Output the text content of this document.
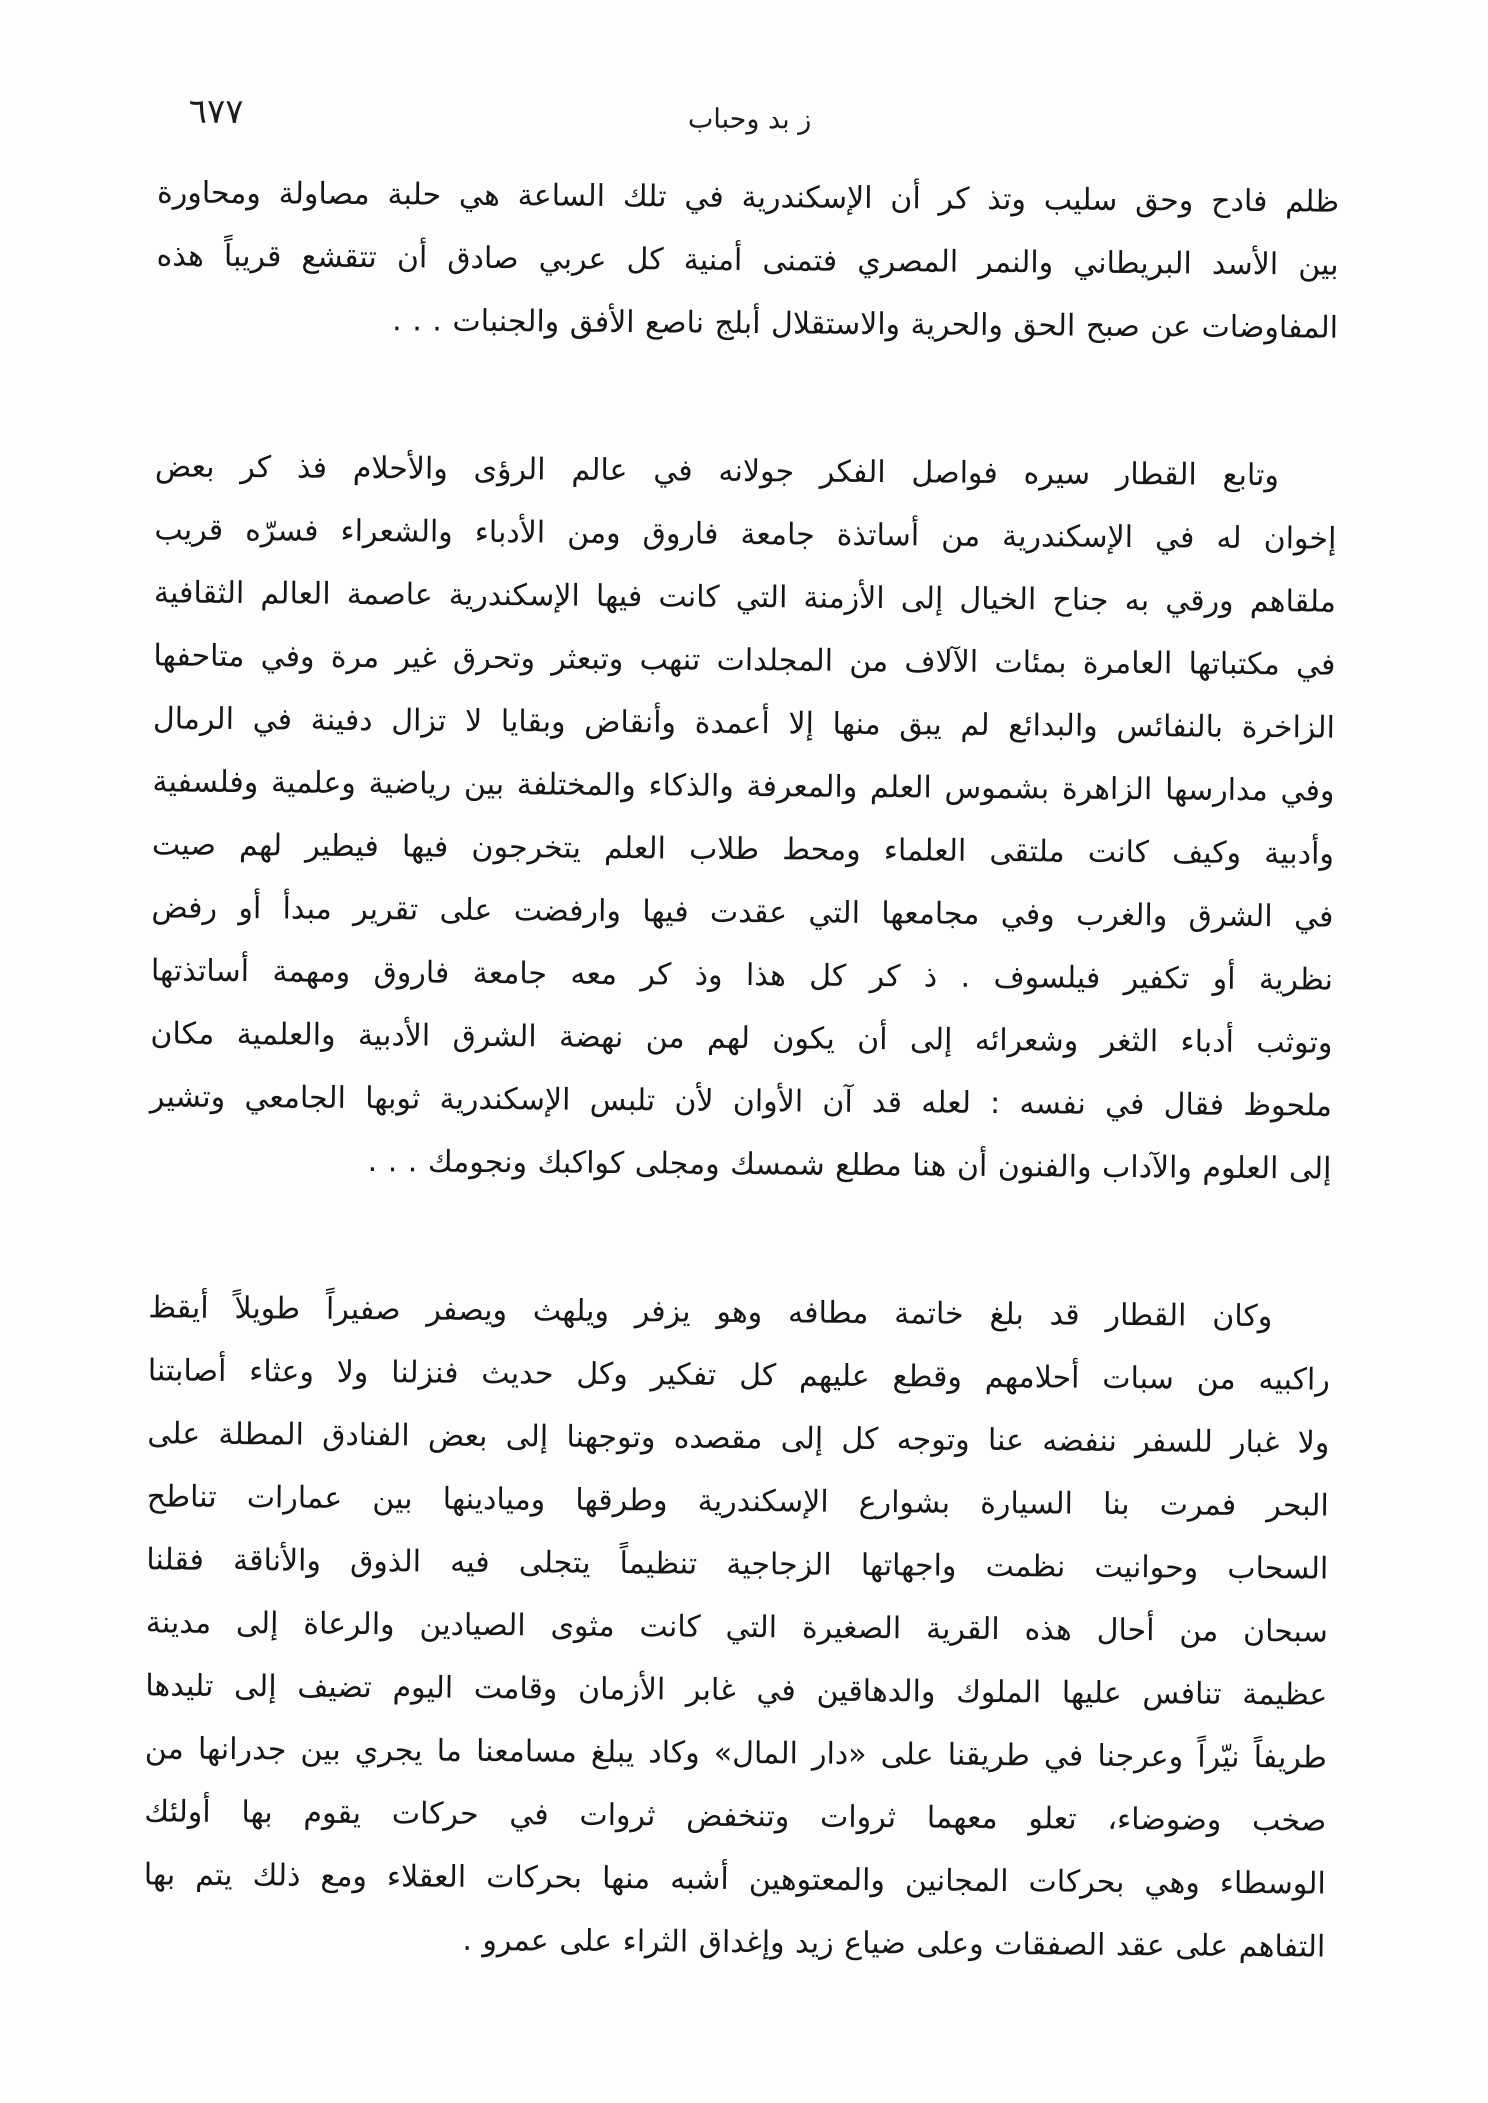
٦٧٧	ز بد وحباب
ظلم فادح وحق سليب وتذ كر أن الإسكندرية في تلك الساعة هي حلبة مصاولة ومحاورة
بين الأسد البريطاني والنمر المصري فتمنى أمنية كل عربي صادق أن تتقشع قريباً هذه
المفاوضات عن صبح الحق والحرية والاستقلال أبلج ناصع الأفق والجنبات . . .
وتابع القطار سيره فواصل الفكر جولانه في عالم الرؤى والأحلام فذ كر بعض
إخوان له في الإسكندرية من أساتذة جامعة فاروق ومن الأدباء والشعراء فسرّه قريب
ملقاهم ورقي به جناح الخيال إلى الأزمنة التي كانت فيها الإسكندرية عاصمة العالم الثقافية
في مكتباتها العامرة بمئات الآلاف من المجلدات تنهب وتبعثر وتحرق غير مرة وفي متاحفها
الزاخرة بالنفائس والبدائع لم يبق منها إلا أعمدة وأنقاض وبقايا لا تزال دفينة في الرمال
وفي مدارسها الزاهرة بشموس العلم والمعرفة والذكاء والمختلفة بين رياضية وعلمية وفلسفية
وأدبية وكيف كانت ملتقى العلماء ومحط طلاب العلم يتخرجون فيها فيطير لهم صيت
في الشرق والغرب وفي مجامعها التي عقدت فيها وارفضت على تقرير مبدأ أو رفض
نظرية أو تكفير فيلسوف . ذ كر كل هذا وذ كر معه جامعة فاروق ومهمة أساتذتها
وتوثب أدباء الثغر وشعرائه إلى أن يكون لهم من نهضة الشرق الأدبية والعلمية مكان
ملحوظ فقال في نفسه : لعله قد آن الأوان لأن تلبس الإسكندرية ثوبها الجامعي وتشير
إلى العلوم والآداب والفنون أن هنا مطلع شمسك ومجلى كواكبك ونجومك . . .
وكان القطار قد بلغ خاتمة مطافه وهو يزفر ويلهث ويصفر صفيراً طويلاً أيقظ
راكبيه من سبات أحلامهم وقطع عليهم كل تفكير وكل حديث فنزلنا ولا وعثاء أصابتنا
ولا غبار للسفر ننفضه عنا وتوجه كل إلى مقصده وتوجهنا إلى بعض الفنادق المطلة على
البحر فمرت بنا السيارة بشوارع الإسكندرية وطرقها وميادينها بين عمارات تناطح
السحاب وحوانيت نظمت واجهاتها الزجاجية تنظيماً يتجلى فيه الذوق والأناقة فقلنا
سبحان من أحال هذه القرية الصغيرة التي كانت مثوى الصيادين والرعاة إلى مدينة
عظيمة تنافس عليها الملوك والدهاقين في غابر الأزمان وقامت اليوم تضيف إلى تليدها
طريفاً نيّراً وعرجنا في طريقنا على «دار المال» وكاد يبلغ مسامعنا ما يجري بين جدرانها من
صخب وضوضاء، تعلو معهما ثروات وتنخفض ثروات في حركات يقوم بها أولئك
الوسطاء وهي بحركات المجانين والمعتوهين أشبه منها بحركات العقلاء ومع ذلك يتم بها
التفاهم على عقد الصفقات وعلى ضياع زيد وإغداق الثراء على عمرو .
